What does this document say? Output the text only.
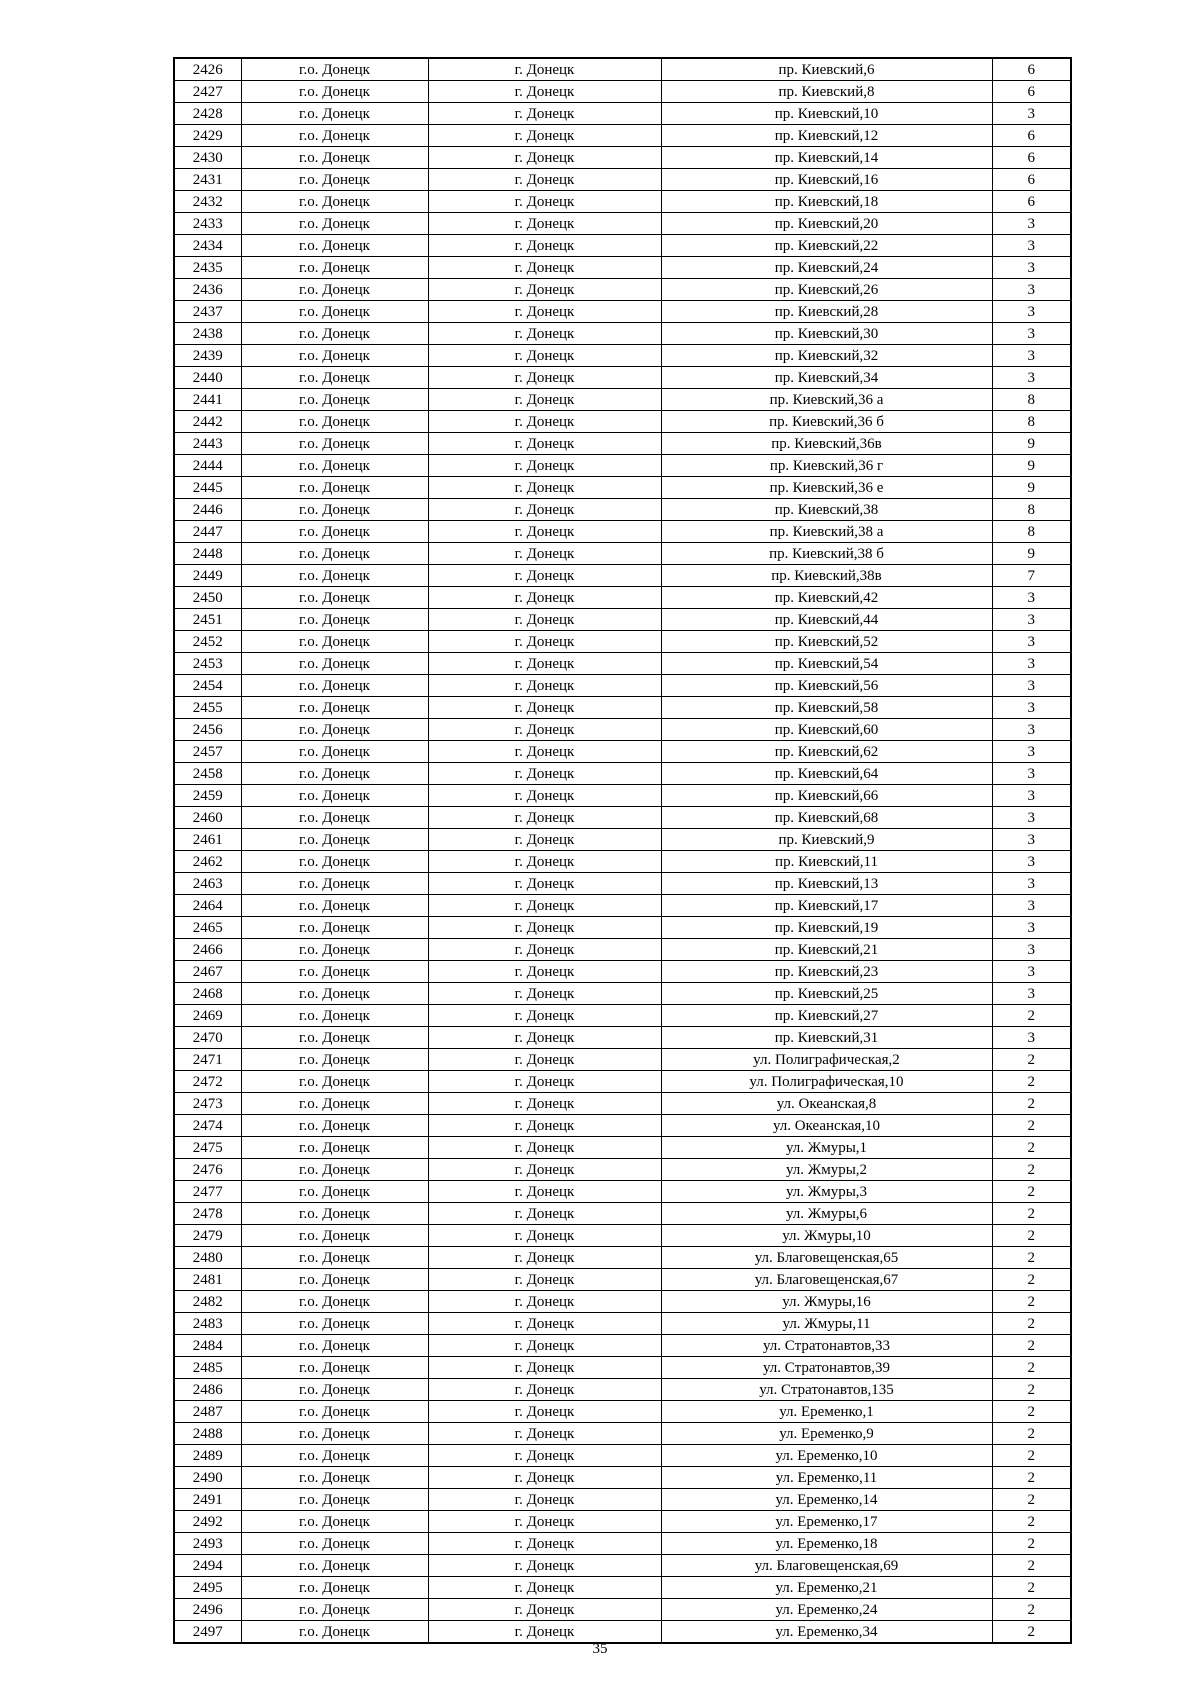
2426	г.о. Донецк	г. Донецк	пр. Киевский,6	6
2427	г.о. Донецк	г. Донецк	пр. Киевский,8	6
2428	г.о. Донецк	г. Донецк	пр. Киевский,10	3
2429	г.о. Донецк	г. Донецк	пр. Киевский,12	6
2430	г.о. Донецк	г. Донецк	пр. Киевский,14	6
2431	г.о. Донецк	г. Донецк	пр. Киевский,16	6
2432	г.о. Донецк	г. Донецк	пр. Киевский,18	6
2433	г.о. Донецк	г. Донецк	пр. Киевский,20	3
2434	г.о. Донецк	г. Донецк	пр. Киевский,22	3
2435	г.о. Донецк	г. Донецк	пр. Киевский,24	3
2436	г.о. Донецк	г. Донецк	пр. Киевский,26	3
2437	г.о. Донецк	г. Донецк	пр. Киевский,28	3
2438	г.о. Донецк	г. Донецк	пр. Киевский,30	3
2439	г.о. Донецк	г. Донецк	пр. Киевский,32	3
2440	г.о. Донецк	г. Донецк	пр. Киевский,34	3
2441	г.о. Донецк	г. Донецк	пр. Киевский,36 а	8
2442	г.о. Донецк	г. Донецк	пр. Киевский,36 б	8
2443	г.о. Донецк	г. Донецк	пр. Киевский,36в	9
2444	г.о. Донецк	г. Донецк	пр. Киевский,36 г	9
2445	г.о. Донецк	г. Донецк	пр. Киевский,36 е	9
2446	г.о. Донецк	г. Донецк	пр. Киевский,38	8
2447	г.о. Донецк	г. Донецк	пр. Киевский,38 а	8
2448	г.о. Донецк	г. Донецк	пр. Киевский,38 б	9
2449	г.о. Донецк	г. Донецк	пр. Киевский,38в	7
2450	г.о. Донецк	г. Донецк	пр. Киевский,42	3
2451	г.о. Донецк	г. Донецк	пр. Киевский,44	3
2452	г.о. Донецк	г. Донецк	пр. Киевский,52	3
2453	г.о. Донецк	г. Донецк	пр. Киевский,54	3
2454	г.о. Донецк	г. Донецк	пр. Киевский,56	3
2455	г.о. Донецк	г. Донецк	пр. Киевский,58	3
2456	г.о. Донецк	г. Донецк	пр. Киевский,60	3
2457	г.о. Донецк	г. Донецк	пр. Киевский,62	3
2458	г.о. Донецк	г. Донецк	пр. Киевский,64	3
2459	г.о. Донецк	г. Донецк	пр. Киевский,66	3
2460	г.о. Донецк	г. Донецк	пр. Киевский,68	3
2461	г.о. Донецк	г. Донецк	пр. Киевский,9	3
2462	г.о. Донецк	г. Донецк	пр. Киевский,11	3
2463	г.о. Донецк	г. Донецк	пр. Киевский,13	3
2464	г.о. Донецк	г. Донецк	пр. Киевский,17	3
2465	г.о. Донецк	г. Донецк	пр. Киевский,19	3
2466	г.о. Донецк	г. Донецк	пр. Киевский,21	3
2467	г.о. Донецк	г. Донецк	пр. Киевский,23	3
2468	г.о. Донецк	г. Донецк	пр. Киевский,25	3
2469	г.о. Донецк	г. Донецк	пр. Киевский,27	2
2470	г.о. Донецк	г. Донецк	пр. Киевский,31	3
2471	г.о. Донецк	г. Донецк	ул. Полиграфическая,2	2
2472	г.о. Донецк	г. Донецк	ул. Полиграфическая,10	2
2473	г.о. Донецк	г. Донецк	ул. Океанская,8	2
2474	г.о. Донецк	г. Донецк	ул. Океанская,10	2
2475	г.о. Донецк	г. Донецк	ул. Жмуры,1	2
2476	г.о. Донецк	г. Донецк	ул. Жмуры,2	2
2477	г.о. Донецк	г. Донецк	ул. Жмуры,3	2
2478	г.о. Донецк	г. Донецк	ул. Жмуры,6	2
2479	г.о. Донецк	г. Донецк	ул. Жмуры,10	2
2480	г.о. Донецк	г. Донецк	ул. Благовещенская,65	2
2481	г.о. Донецк	г. Донецк	ул. Благовещенская,67	2
2482	г.о. Донецк	г. Донецк	ул. Жмуры,16	2
2483	г.о. Донецк	г. Донецк	ул. Жмуры,11	2
2484	г.о. Донецк	г. Донецк	ул. Стратонавтов,33	2
2485	г.о. Донецк	г. Донецк	ул. Стратонавтов,39	2
2486	г.о. Донецк	г. Донецк	ул. Стратонавтов,135	2
2487	г.о. Донецк	г. Донецк	ул. Еременко,1	2
2488	г.о. Донецк	г. Донецк	ул. Еременко,9	2
2489	г.о. Донецк	г. Донецк	ул. Еременко,10	2
2490	г.о. Донецк	г. Донецк	ул. Еременко,11	2
2491	г.о. Донецк	г. Донецк	ул. Еременко,14	2
2492	г.о. Донецк	г. Донецк	ул. Еременко,17	2
2493	г.о. Донецк	г. Донецк	ул. Еременко,18	2
2494	г.о. Донецк	г. Донецк	ул. Благовещенская,69	2
2495	г.о. Донецк	г. Донецк	ул. Еременко,21	2
2496	г.о. Донецк	г. Донецк	ул. Еременко,24	2
2497	г.о. Донецк	г. Донецк	ул. Еременко,34	2
35
